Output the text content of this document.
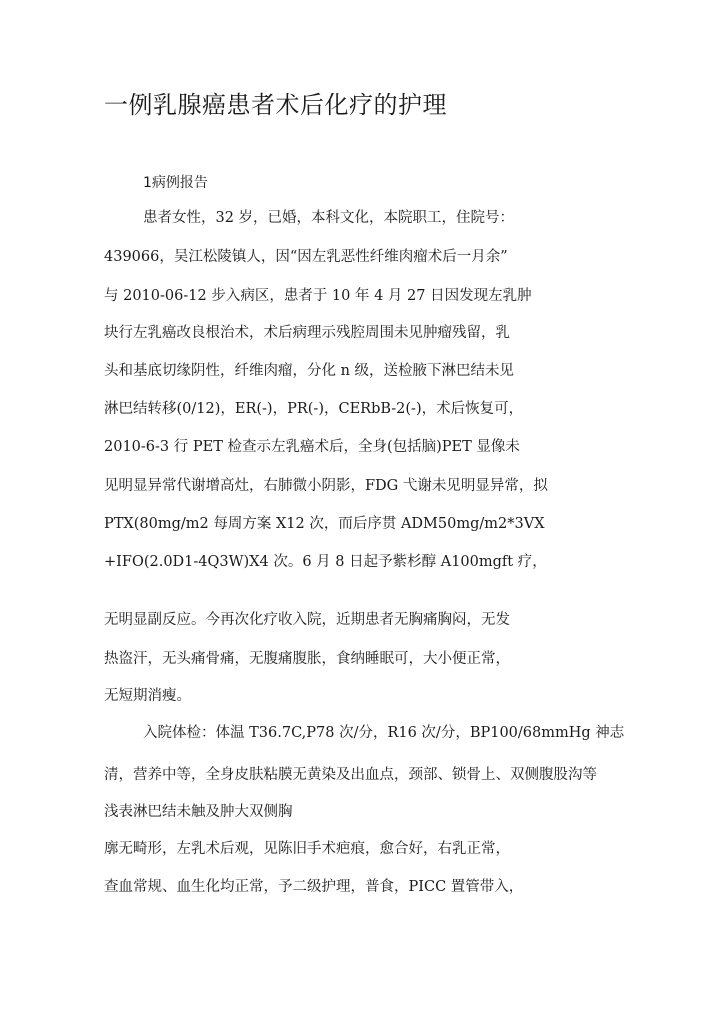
一例乳腺癌患者术后化疗的护理
1病例报告
患者女性，32 岁，已婚，本科文化，本院职工，住院号：
439066，吴江松陵镇人，因“因左乳恶性纤维肉瘤术后一月余”
与 2010-06-12 步入病区，患者于 10 年 4 月 27 日因发现左乳肿
块行左乳癌改良根治术，术后病理示残腔周围未见肿瘤残留，乳
头和基底切缘阴性，纤维肉瘤，分化 n 级，送检腋下淋巴结未见
淋巴结转移(0/12)，ER(-)，PR(-)，CERbB-2(-)，术后恢复可，
2010-6-3 行 PET 检查示左乳癌术后，全身(包括脑)PET 显像未
见明显异常代谢增高灶，右肺微小阴影，FDG 弋谢未见明显异常，拟
PTX(80mg/m2 每周方案 X12 次，而后序贯 ADM50mg/m2*3VX
+IFO(2.0D1-4Q3W)X4 次。6 月 8 日起予紫杉醇 A100mgft 疗，
无明显副反应。今再次化疗收入院，近期患者无胸痛胸闷，无发
热盗汗，无头痛骨痛，无腹痛腹胀，食纳睡眠可，大小便正常，
无短期消瘦。
入院体检：体温 T36.7C,P78 次/分，R16 次/分，BP100/68mmHg 神志
清，营养中等，全身皮肤粘膜无黄染及出血点，颈部、锁骨上、双侧腹股沟等
浅表淋巴结未触及肿大双侧胸
廓无畸形，左乳术后观，见陈旧手术疤痕，愈合好，右乳正常，
查血常规、血生化均正常，予二级护理，普食，PICC 置管带入，
